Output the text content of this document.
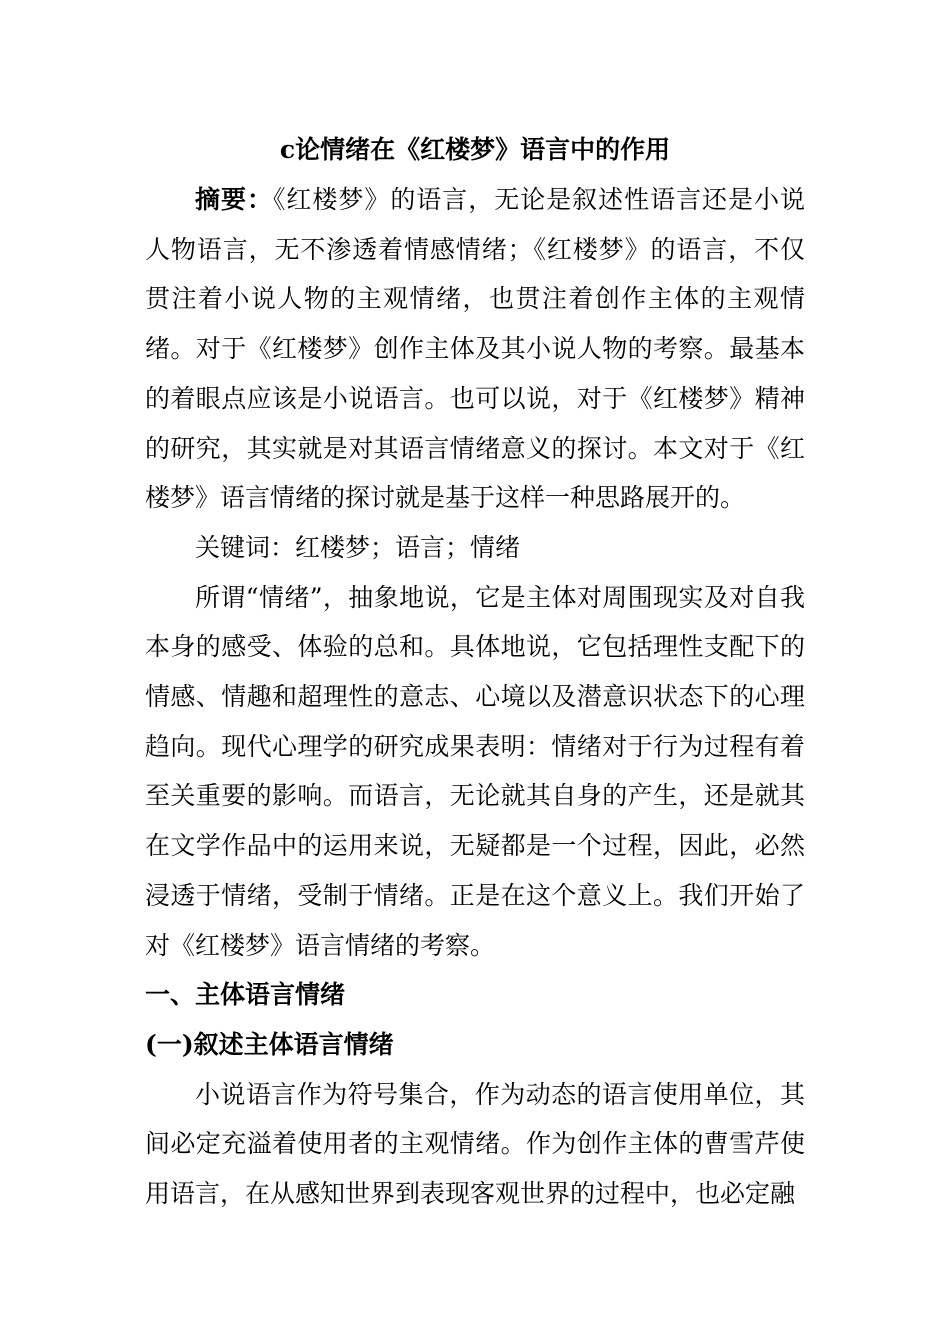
c论情绪在《红楼梦》语言中的作用

摘要：《红楼梦》的语言，无论是叙述性语言还是小说人物语言，无不渗透着情感情绪；《红楼梦》的语言，不仅贯注着小说人物的主观情绪，也贯注着创作主体的主观情绪。对于《红楼梦》创作主体及其小说人物的考察。最基本的着眼点应该是小说语言。也可以说，对于《红楼梦》精神的研究，其实就是对其语言情绪意义的探讨。本文对于《红楼梦》语言情绪的探讨就是基于这样一种思路展开的。

关键词：红楼梦；语言；情绪

所谓“情绪”，抽象地说，它是主体对周围现实及对自我本身的感受、体验的总和。具体地说，它包括理性支配下的情感、情趣和超理性的意志、心境以及潜意识状态下的心理趋向。现代心理学的研究成果表明：情绪对于行为过程有着至关重要的影响。而语言，无论就其自身的产生，还是就其在文学作品中的运用来说，无疑都是一个过程，因此，必然浸透于情绪，受制于情绪。正是在这个意义上。我们开始了对《红楼梦》语言情绪的考察。

一、主体语言情绪

(一)叙述主体语言情绪

小说语言作为符号集合，作为动态的语言使用单位，其间必定充溢着使用者的主观情绪。作为创作主体的曹雪芹使用语言，在从感知世界到表现客观世界的过程中，也必定融
